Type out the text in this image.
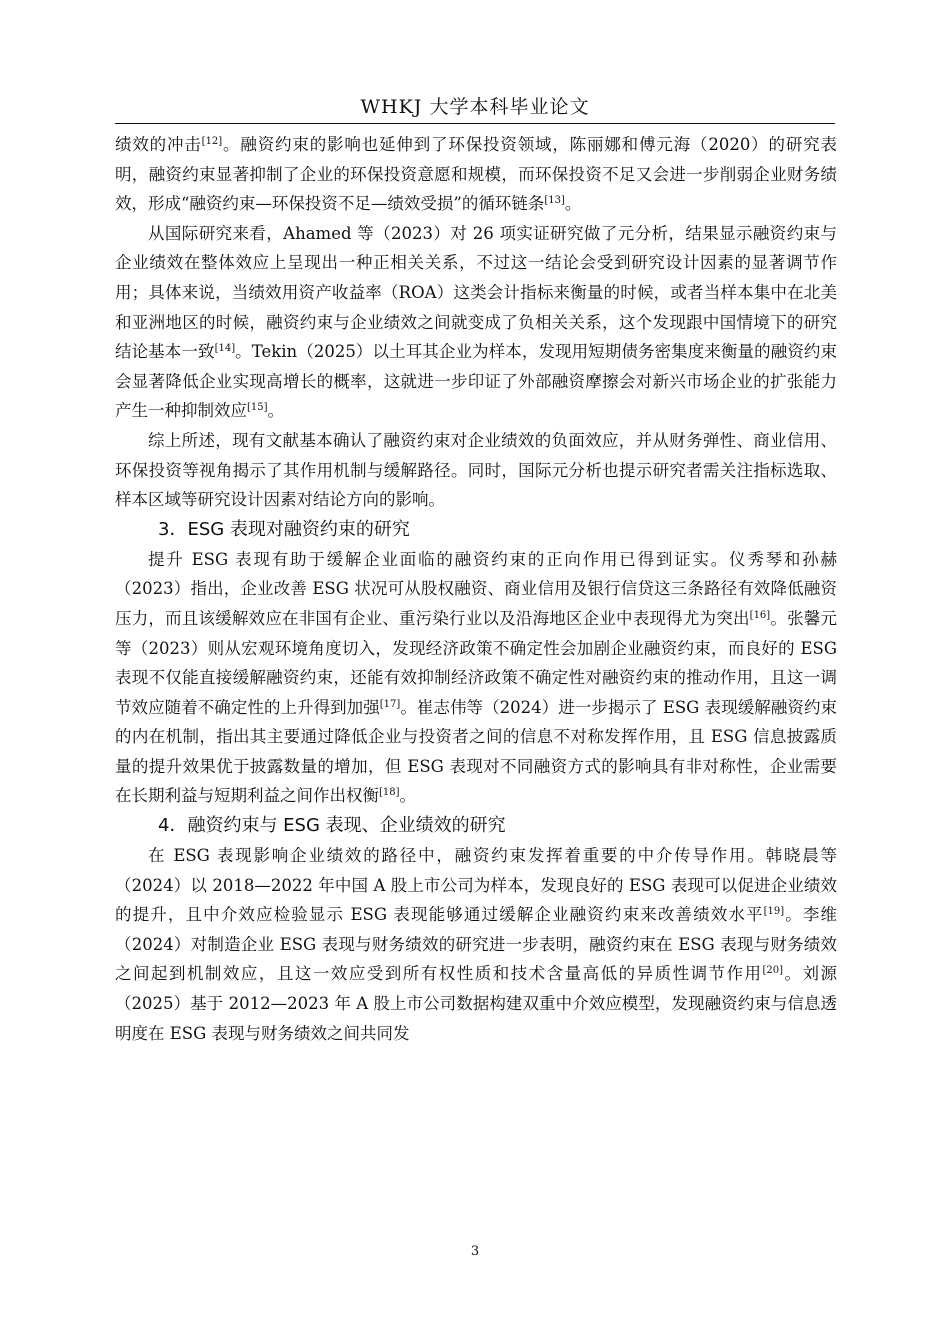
WHKJ 大学本科毕业论文

绩效的冲击[12]。融资约束的影响也延伸到了环保投资领域，陈丽娜和傅元海（2020）的研究表明，融资约束显著抑制了企业的环保投资意愿和规模，而环保投资不足又会进一步削弱企业财务绩效，形成“融资约束—环保投资不足—绩效受损”的循环链条[13]。

从国际研究来看，Ahamed 等（2023）对 26 项实证研究做了元分析，结果显示融资约束与企业绩效在整体效应上呈现出一种正相关关系，不过这一结论会受到研究设计因素的显著调节作用；具体来说，当绩效用资产收益率（ROA）这类会计指标来衡量的时候，或者当样本集中在北美和亚洲地区的时候，融资约束与企业绩效之间就变成了负相关关系，这个发现跟中国情境下的研究结论基本一致[14]。Tekin（2025）以土耳其企业为样本，发现用短期债务密集度来衡量的融资约束会显著降低企业实现高增长的概率，这就进一步印证了外部融资摩擦会对新兴市场企业的扩张能力产生一种抑制效应[15]。

综上所述，现有文献基本确认了融资约束对企业绩效的负面效应，并从财务弹性、商业信用、环保投资等视角揭示了其作用机制与缓解路径。同时，国际元分析也提示研究者需关注指标选取、样本区域等研究设计因素对结论方向的影响。

3．ESG 表现对融资约束的研究

提升 ESG 表现有助于缓解企业面临的融资约束的正向作用已得到证实。仪秀琴和孙赫（2023）指出，企业改善 ESG 状况可从股权融资、商业信用及银行信贷这三条路径有效降低融资压力，而且该缓解效应在非国有企业、重污染行业以及沿海地区企业中表现得尤为突出[16]。张馨元等（2023）则从宏观环境角度切入，发现经济政策不确定性会加剧企业融资约束，而良好的 ESG 表现不仅能直接缓解融资约束，还能有效抑制经济政策不确定性对融资约束的推动作用，且这一调节效应随着不确定性的上升得到加强[17]。崔志伟等（2024）进一步揭示了 ESG 表现缓解融资约束的内在机制，指出其主要通过降低企业与投资者之间的信息不对称发挥作用，且 ESG 信息披露质量的提升效果优于披露数量的增加，但 ESG 表现对不同融资方式的影响具有非对称性，企业需要在长期利益与短期利益之间作出权衡[18]。

4．融资约束与 ESG 表现、企业绩效的研究

在 ESG 表现影响企业绩效的路径中，融资约束发挥着重要的中介传导作用。韩晓晨等（2024）以 2018—2022 年中国 A 股上市公司为样本，发现良好的 ESG 表现可以促进企业绩效的提升，且中介效应检验显示 ESG 表现能够通过缓解企业融资约束来改善绩效水平[19]。李维（2024）对制造企业 ESG 表现与财务绩效的研究进一步表明，融资约束在 ESG 表现与财务绩效之间起到机制效应，且这一效应受到所有权性质和技术含量高低的异质性调节作用[20]。刘源（2025）基于 2012—2023 年 A 股上市公司数据构建双重中介效应模型，发现融资约束与信息透明度在 ESG 表现与财务绩效之间共同发

3
